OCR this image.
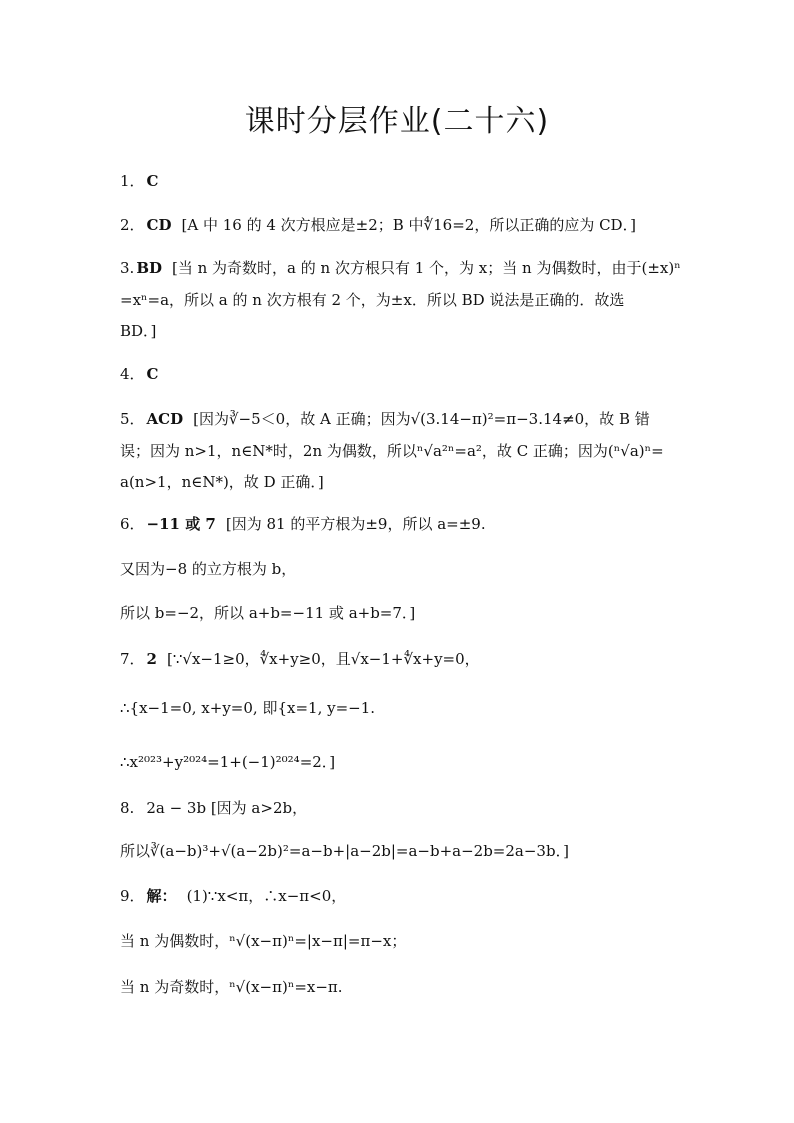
课时分层作业(二十六)
1． C
2． CD [A 中 16 的 4 次方根应是±2；B 中∜16=2，所以正确的应为 CD．]
3. BD [当 n 为奇数时，a 的 n 次方根只有 1 个，为 x；当 n 为偶数时，由于(±x)ⁿ
=xⁿ=a，所以 a 的 n 次方根有 2 个，为±x．所以 BD 说法是正确的．故选
BD．]
4． C
5． ACD [因为∛−5＜0，故 A 正确；因为√(3.14−π)²=π−3.14≠0，故 B 错
误；因为 n>1，n∈N*时，2n 为偶数，所以ⁿ√a²ⁿ=a²，故 C 正确；因为(ⁿ√a)ⁿ=
a(n>1，n∈N*)，故 D 正确．]
6． −11 或 7 [因为 81 的平方根为±9，所以 a=±9.
又因为−8 的立方根为 b，
所以 b=−2，所以 a+b=−11 或 a+b=7．]
7． 2 [∵√x−1≥0，∜x+y≥0，且√x−1+∜x+y=0，
∴{x−1=0, x+y=0, 即{x=1, y=−1.
∴x²⁰²³+y²⁰²⁴=1+(−1)²⁰²⁴=2．]
8. 2a − 3b [因为 a>2b，
所以∛(a−b)³+√(a−2b)²=a−b+|a−2b|=a−b+a−2b=2a−3b．]
9． 解： (1)∵x<π，∴x−π<0，
当 n 为偶数时，ⁿ√(x−π)ⁿ=|x−π|=π−x；
当 n 为奇数时，ⁿ√(x−π)ⁿ=x−π.
